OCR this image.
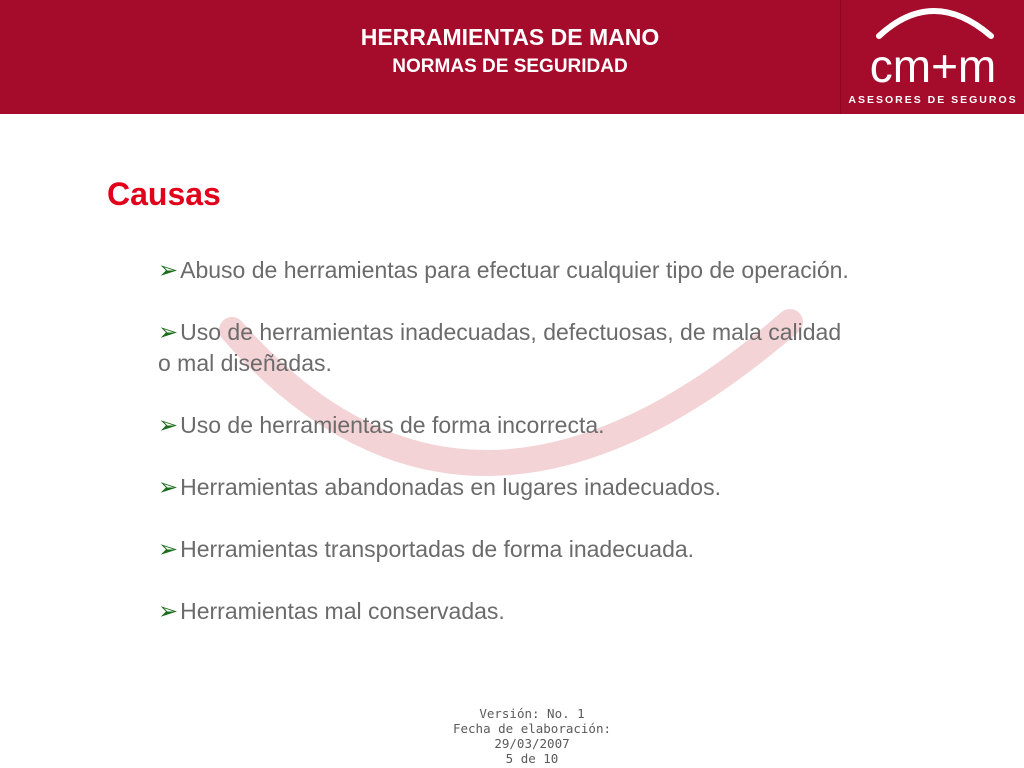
HERRAMIENTAS DE MANO
NORMAS DE SEGURIDAD	cm+m
ASESORES DE SEGUROS
Causas
➢Abuso de herramientas para efectuar cualquier tipo de operación.
➢Uso de herramientas inadecuadas, defectuosas, de mala calidad o mal diseñadas.
➢Uso de herramientas de forma incorrecta.
➢Herramientas abandonadas en lugares inadecuados.
➢Herramientas transportadas de forma inadecuada.
➢Herramientas mal conservadas.
Versión: No. 1
Fecha de elaboración:
29/03/2007
5 de 10
